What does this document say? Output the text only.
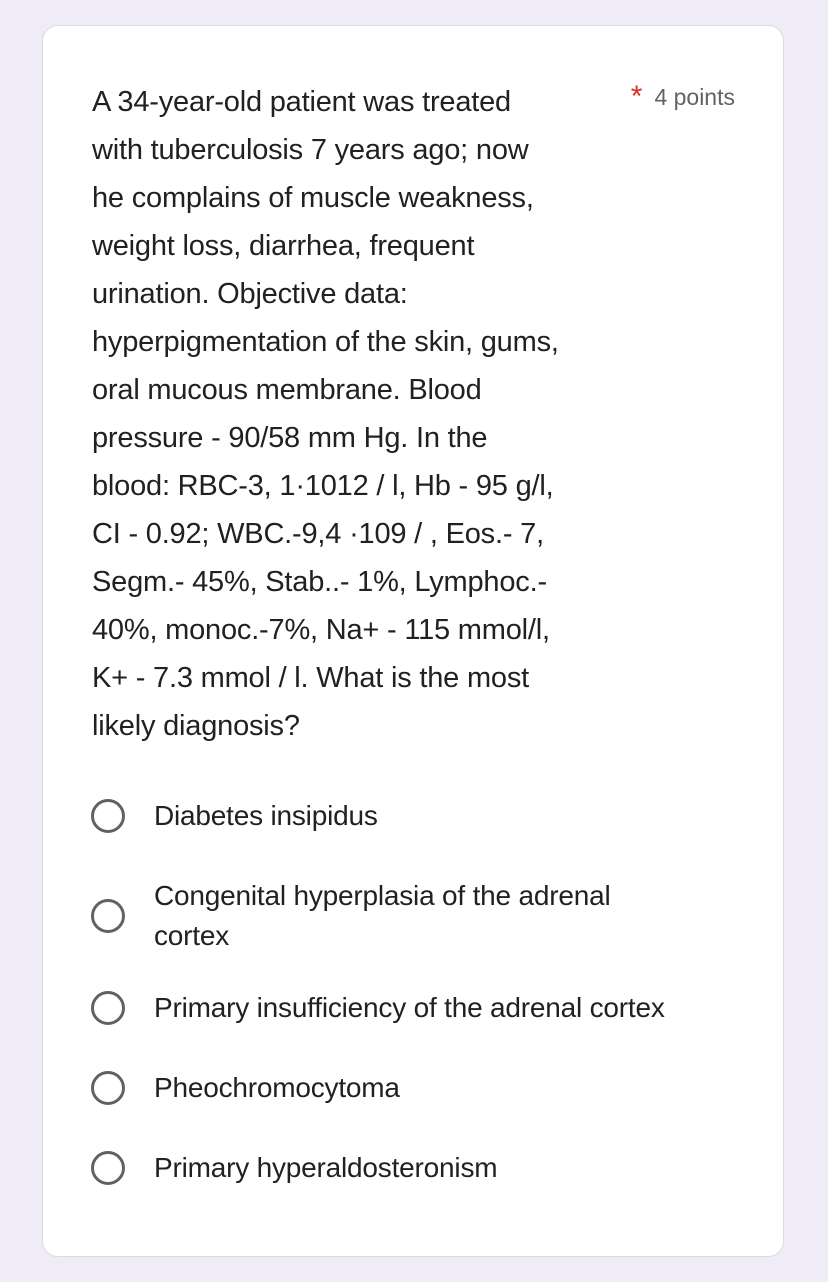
A 34-year-old patient was treated
with tuberculosis 7 years ago; now
he complains of muscle weakness,
weight loss, diarrhea, frequent
urination. Objective data:
hyperpigmentation of the skin, gums,
oral mucous membrane. Blood
pressure - 90/58 mm Hg. In the
blood: RBC-3, 1·1012 / l, Hb - 95 g/l,
CI - 0.92; WBC.-9,4 ·109 / , Eos.- 7,
Segm.- 45%, Stab..- 1%, Lymphoc.-
40%, monoc.-7%, Na+ - 115 mmol/l,
K+ - 7.3 mmol / l. What is the most
likely diagnosis?
* 4 points
Diabetes insipidus
Congenital hyperplasia of the adrenal
cortex
Primary insufficiency of the adrenal cortex
Pheochromocytoma
Primary hyperaldosteronism
